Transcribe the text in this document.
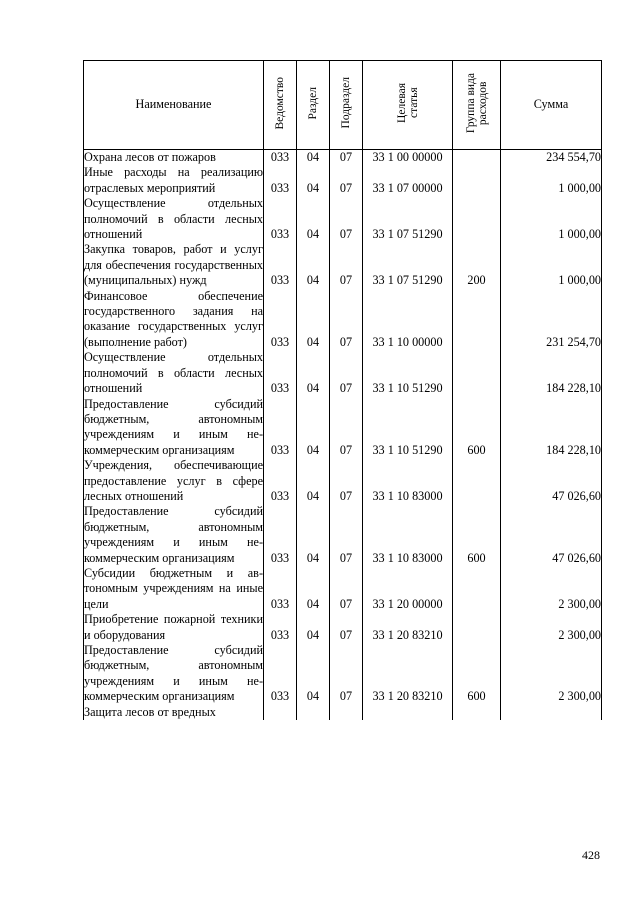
Наименование	Ведомство	Раздел	Подраздел	Целевая
статья	Группа вида
расходов	Сумма
Охрана лесов от пожаров	033	04	07	33 1 00 00000		234 554,70
Иные расходы на реализацию отраслевых мероприятий	033	04	07	33 1 07 00000		1 000,00
Осуществление отдельных полномочий в области лесных отношений	033	04	07	33 1 07 51290		1 000,00
Закупка товаров, работ и услуг для обеспечения государственных (муниципальных) нужд	033	04	07	33 1 07 51290	200	1 000,00
Финансовое обеспечение государственного задания на оказание государственных услуг (выполнение работ)	033	04	07	33 1 10 00000		231 254,70
Осуществление отдельных полномочий в области лесных отношений	033	04	07	33 1 10 51290		184 228,10
Предоставление субсидий бюджетным, автономным учреждениям и иным некоммерческим организациям	033	04	07	33 1 10 51290	600	184 228,10
Учреждения, обеспечивающие предоставление услуг в сфере лесных отношений	033	04	07	33 1 10 83000		47 026,60
Предоставление субсидий бюджетным, автономным учреждениям и иным некоммерческим организациям	033	04	07	33 1 10 83000	600	47 026,60
Субсидии бюджетным и автономным учреждениям на иные цели	033	04	07	33 1 20 00000		2 300,00
Приобретение пожарной техники и оборудования	033	04	07	33 1 20 83210		2 300,00
Предоставление субсидий бюджетным, автономным учреждениям и иным некоммерческим организациям	033	04	07	33 1 20 83210	600	2 300,00
Защита лесов от вредных						
428
